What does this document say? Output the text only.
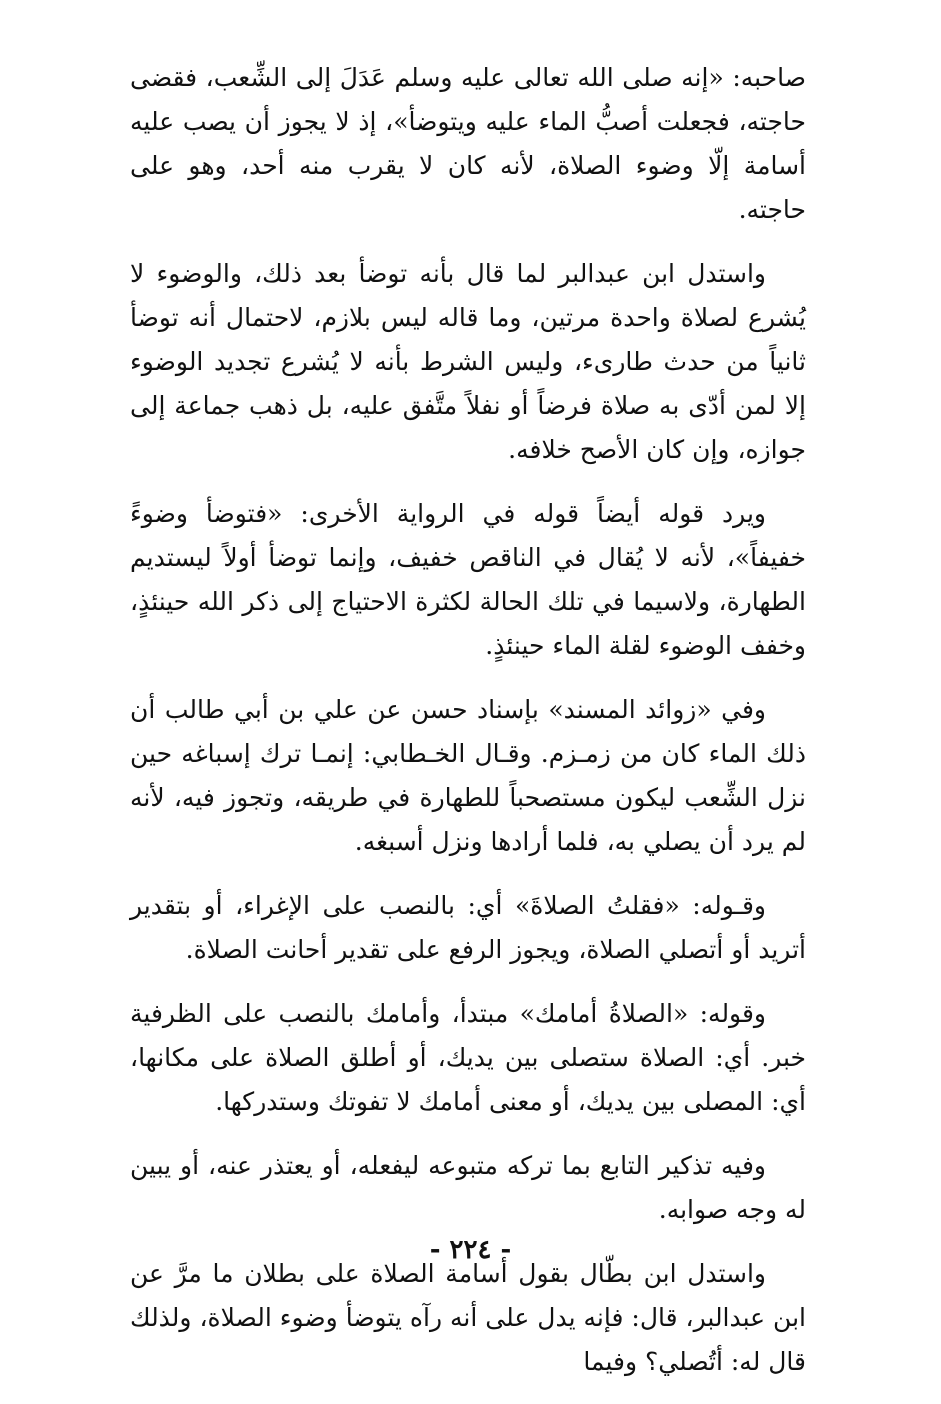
صاحبه: «إنه صلى الله تعالى عليه وسلم عَدَلَ إلى الشِّعب، فقضى حاجته، فجعلت أصبُّ الماء عليه ويتوضأ»، إذ لا يجوز أن يصب عليه أسامة إلّا وضوء الصلاة، لأنه كان لا يقرب منه أحد، وهو على حاجته.

واستدل ابن عبدالبر لما قال بأنه توضأ بعد ذلك، والوضوء لا يُشرع لصلاة واحدة مرتين، وما قاله ليس بلازم، لاحتمال أنه توضأ ثانياً من حدث طارىء، وليس الشرط بأنه لا يُشرع تجديد الوضوء إلا لمن أدّى به صلاة فرضاً أو نفلاً متَّفق عليه، بل ذهب جماعة إلى جوازه، وإن كان الأصح خلافه.

ويرد قوله أيضاً قوله في الرواية الأخرى: «فتوضأ وضوءً خفيفاً»، لأنه لا يُقال في الناقص خفيف، وإنما توضأ أولاً ليستديم الطهارة، ولاسيما في تلك الحالة لكثرة الاحتياج إلى ذكر الله حينئذٍ، وخفف الوضوء لقلة الماء حينئذٍ.

وفي «زوائد المسند» بإسناد حسن عن علي بن أبي طالب أن ذلك الماء كان من زمـزم. وقـال الخـطابي: إنمـا ترك إسباغه حين نزل الشِّعب ليكون مستصحباً للطهارة في طريقه، وتجوز فيه، لأنه لم يرد أن يصلي به، فلما أرادها ونزل أسبغه.

وقـوله: «فقلتُ الصلاةَ» أي: بالنصب على الإغراء، أو بتقدير أتريد أو أتصلي الصلاة، ويجوز الرفع على تقدير أحانت الصلاة.

وقوله: «الصلاةُ أمامك» مبتدأ، وأمامك بالنصب على الظرفية خبر. أي: الصلاة ستصلى بين يديك، أو أطلق الصلاة على مكانها، أي: المصلى بين يديك، أو معنى أمامك لا تفوتك وستدركها.

وفيه تذكير التابع بما تركه متبوعه ليفعله، أو يعتذر عنه، أو يبين له وجه صوابه.

واستدل ابن بطّال بقول أسامة الصلاة على بطلان ما مرَّ عن ابن عبدالبر، قال: فإنه يدل على أنه رآه يتوضأ وضوء الصلاة، ولذلك قال له: أتُصلي؟ وفيما

- ٢٢٤ -
